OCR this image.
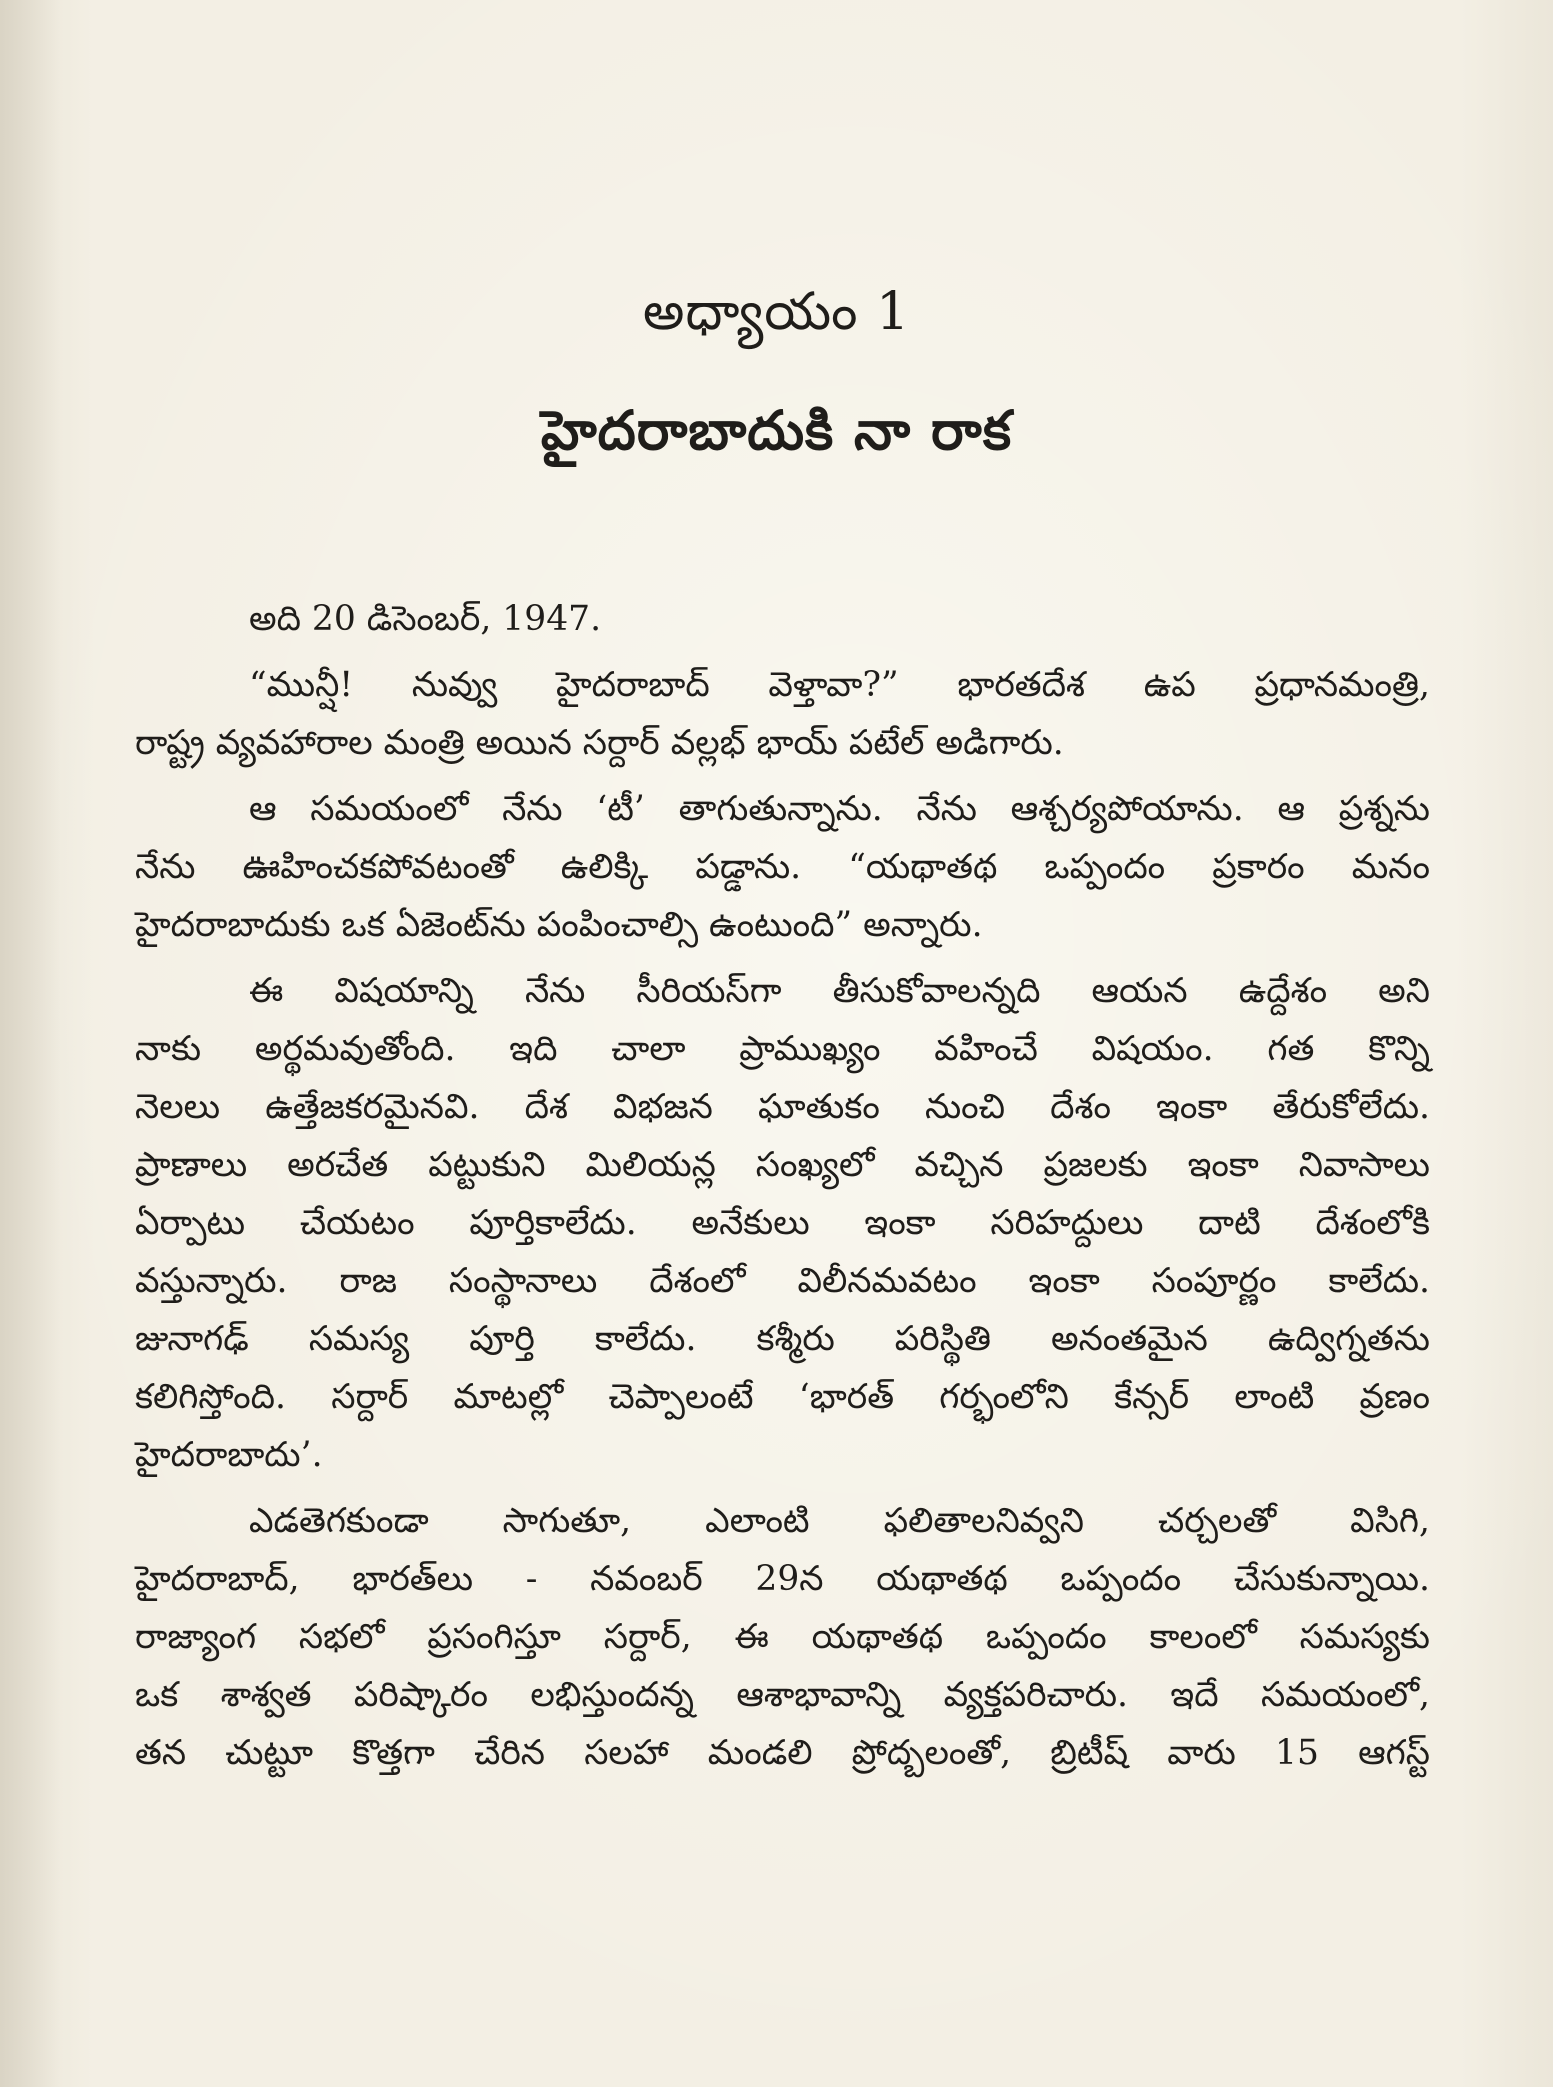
అధ్యాయం 1
హైదరాబాదుకి నా రాక
అది 20 డిసెంబర్, 1947.
“మున్షీ! నువ్వు హైదరాబాద్ వెళ్తావా?” భారతదేశ ఉప ప్రధానమంత్రి,
రాష్ట్ర వ్యవహారాల మంత్రి అయిన సర్దార్ వల్లభ్ భాయ్ పటేల్ అడిగారు.
ఆ సమయంలో నేను ‘టీ’ తాగుతున్నాను. నేను ఆశ్చర్యపోయాను. ఆ ప్రశ్నను
నేను ఊహించకపోవటంతో ఉలిక్కి పడ్డాను. “యథాతథ ఒప్పందం ప్రకారం మనం
హైదరాబాదుకు ఒక ఏజెంట్‌ను పంపించాల్సి ఉంటుంది” అన్నారు.
ఈ విషయాన్ని నేను సీరియస్‌గా తీసుకోవాలన్నది ఆయన ఉద్దేశం అని
నాకు అర్థమవుతోంది. ఇది చాలా ప్రాముఖ్యం వహించే విషయం. గత కొన్ని
నెలలు ఉత్తేజకరమైనవి. దేశ విభజన ఘాతుకం నుంచి దేశం ఇంకా తేరుకోలేదు.
ప్రాణాలు అరచేత పట్టుకుని మిలియన్ల సంఖ్యలో వచ్చిన ప్రజలకు ఇంకా నివాసాలు
ఏర్పాటు చేయటం పూర్తికాలేదు. అనేకులు ఇంకా సరిహద్దులు దాటి దేశంలోకి
వస్తున్నారు. రాజ సంస్థానాలు దేశంలో విలీనమవటం ఇంకా సంపూర్ణం కాలేదు.
జునాగఢ్ సమస్య పూర్తి కాలేదు. కశ్మీరు పరిస్థితి అనంతమైన ఉద్విగ్నతను
కలిగిస్తోంది. సర్దార్ మాటల్లో చెప్పాలంటే ‘భారత్ గర్భంలోని కేన్సర్ లాంటి వ్రణం
హైదరాబాదు’.
ఎడతెగకుండా సాగుతూ, ఎలాంటి ఫలితాలనివ్వని చర్చలతో విసిగి,
హైదరాబాద్, భారత్‌లు - నవంబర్ 29న యథాతథ ఒప్పందం చేసుకున్నాయి.
రాజ్యాంగ సభలో ప్రసంగిస్తూ సర్దార్, ఈ యథాతథ ఒప్పందం కాలంలో సమస్యకు
ఒక శాశ్వత పరిష్కారం లభిస్తుందన్న ఆశాభావాన్ని వ్యక్తపరిచారు. ఇదే సమయంలో,
తన చుట్టూ కొత్తగా చేరిన సలహా మండలి ప్రోద్బలంతో, బ్రిటీష్ వారు 15 ఆగస్ట్
